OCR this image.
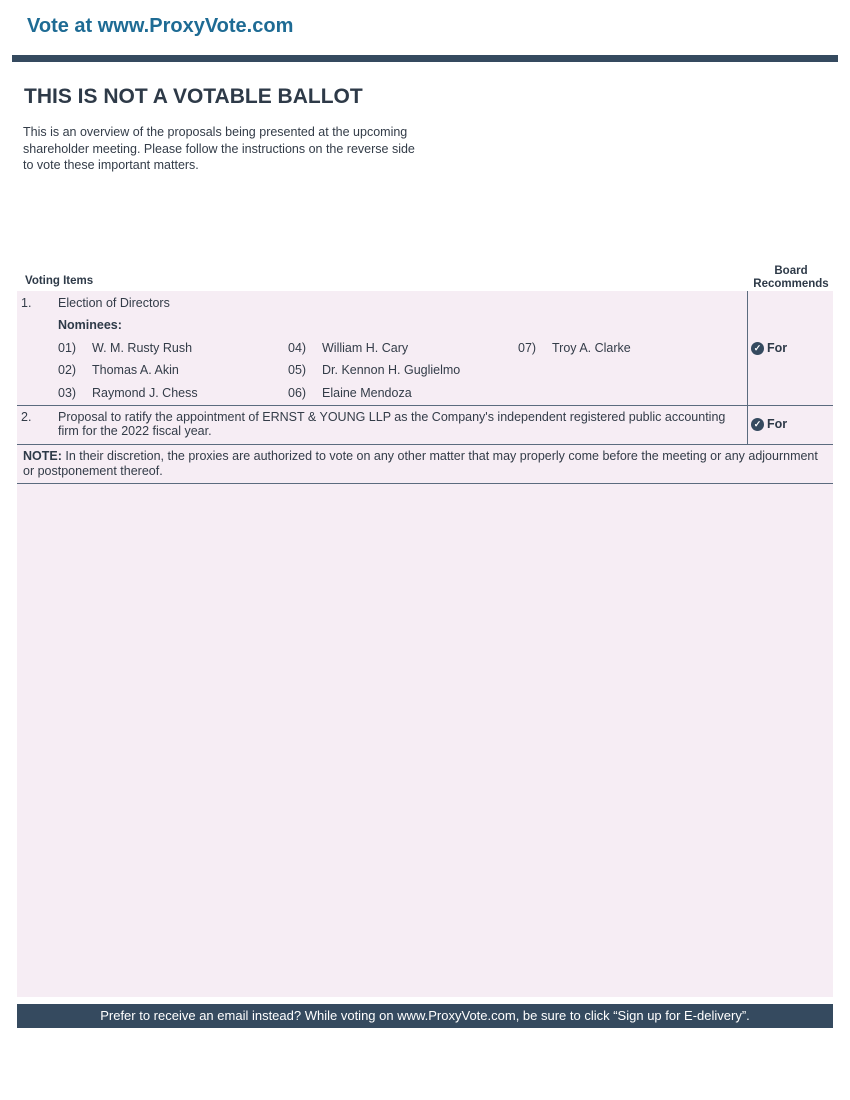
Vote at www.ProxyVote.com
THIS IS NOT A VOTABLE BALLOT
This is an overview of the proposals being presented at the upcoming shareholder meeting. Please follow the instructions on the reverse side to vote these important matters.
Voting Items
Board
Recommends
1. Election of Directors
Nominees:
01) W. M. Rusty Rush
02) Thomas A. Akin
03) Raymond J. Chess
04) William H. Cary
05) Dr. Kennon H. Guglielmo
06) Elaine Mendoza
07) Troy A. Clarke	✓ For
2. Proposal to ratify the appointment of ERNST & YOUNG LLP as the Company's independent registered public accounting firm for the 2022 fiscal year.
✓ For
NOTE: In their discretion, the proxies are authorized to vote on any other matter that may properly come before the meeting or any adjournment or postponement thereof.
Prefer to receive an email instead? While voting on www.ProxyVote.com, be sure to click “Sign up for E-delivery”.
